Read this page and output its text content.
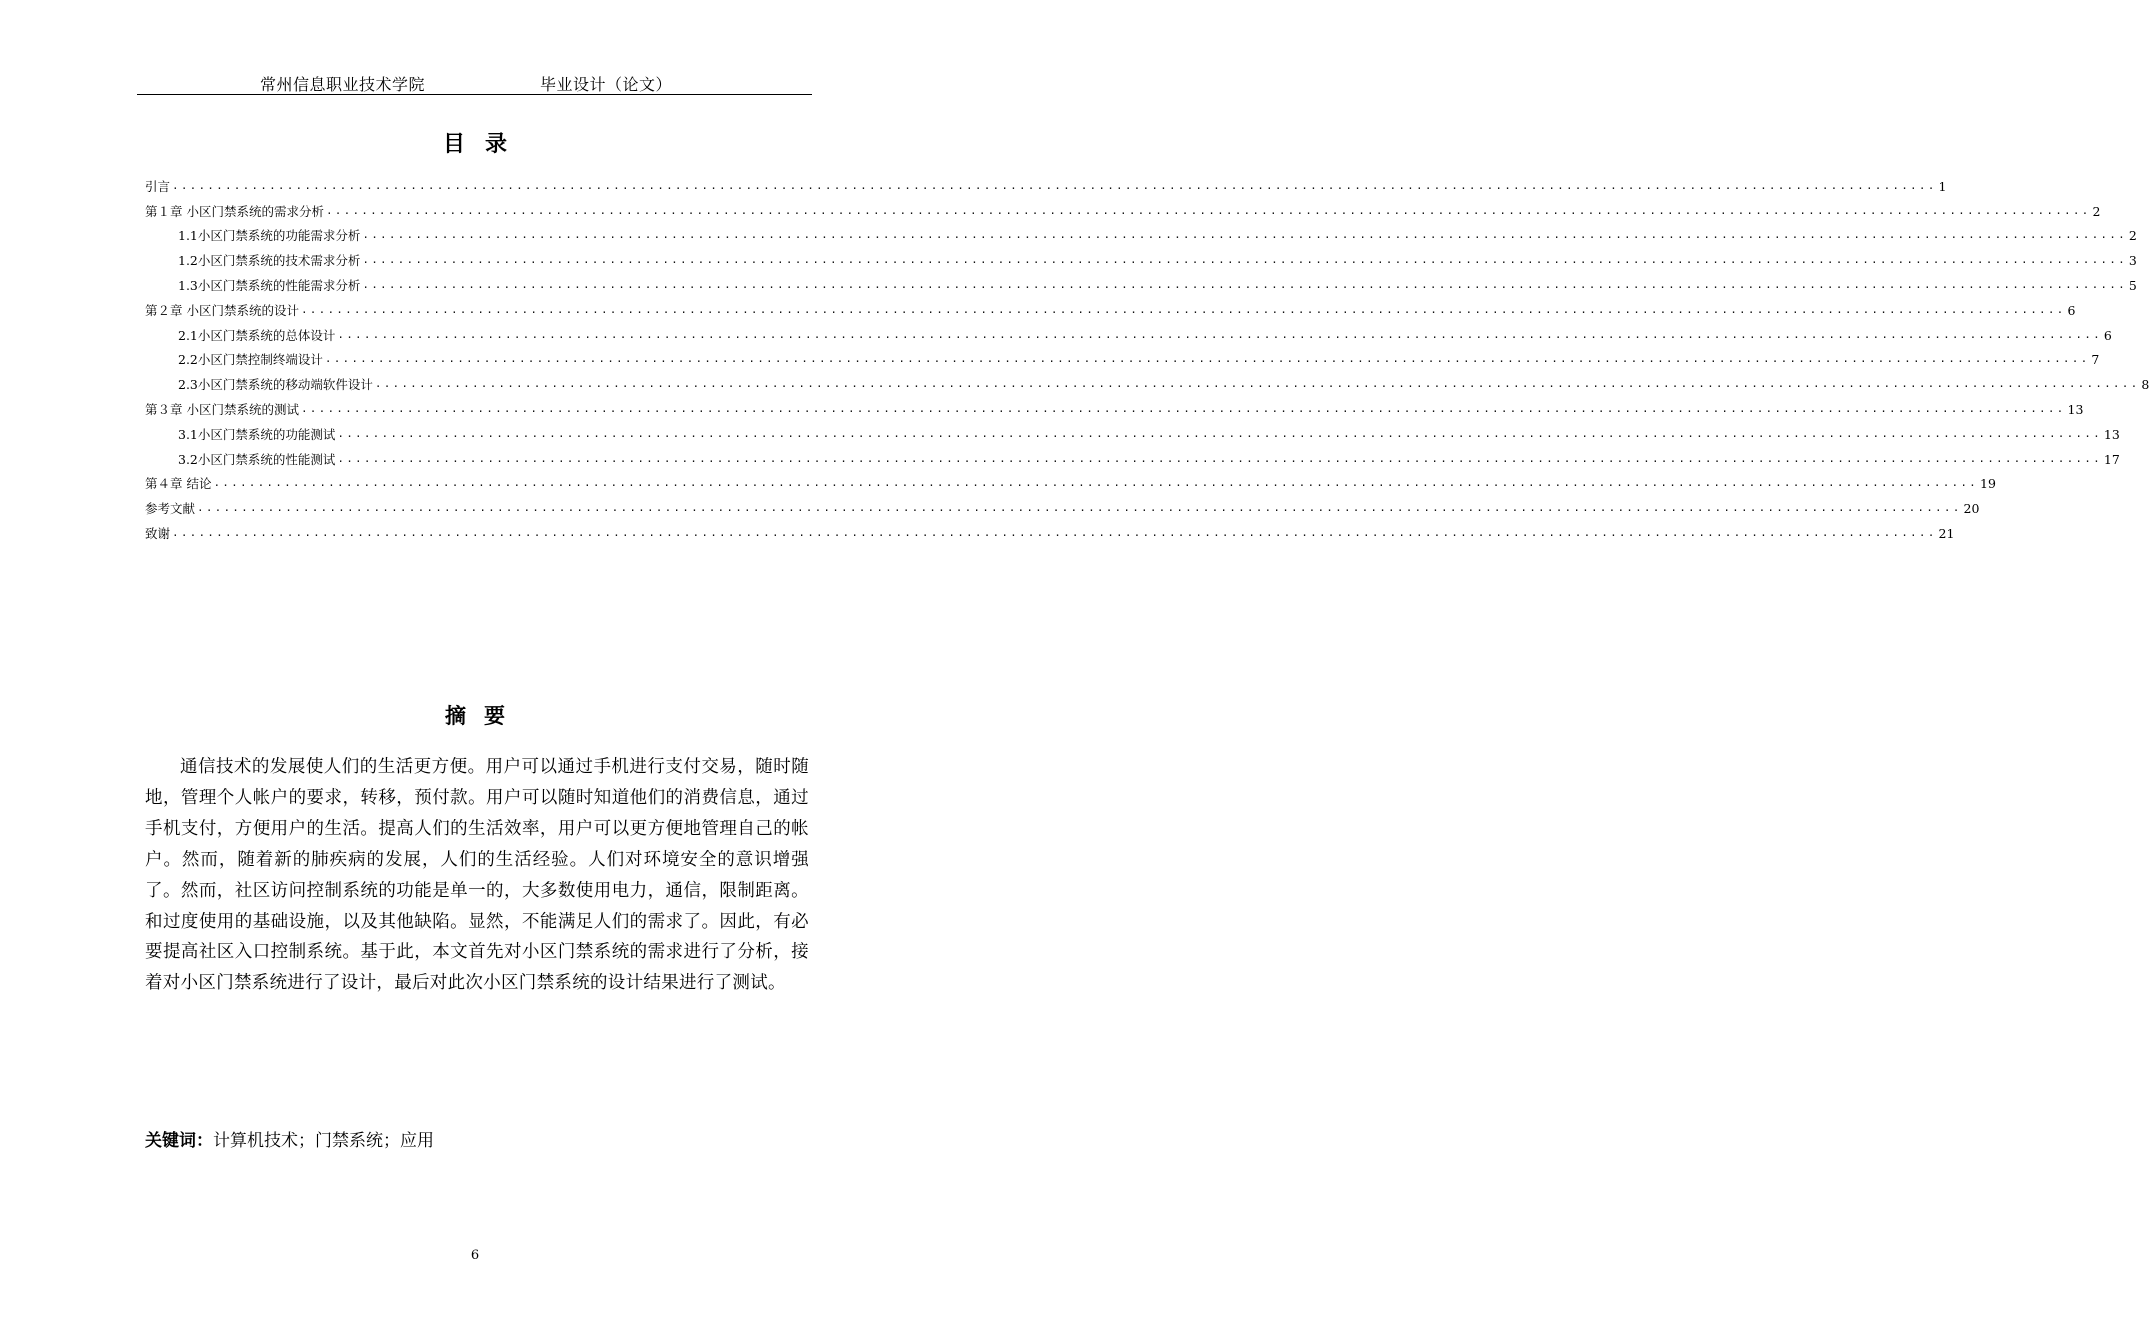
常州信息职业技术学院	毕业设计（论文）
目录
引言 ........................................................................................................................................................................................................ 1
第１章 小区门禁系统的需求分析 ........................................................................................................................................................................................................ 2
1.1小区门禁系统的功能需求分析 ........................................................................................................................................................................................................ 2
1.2小区门禁系统的技术需求分析 ........................................................................................................................................................................................................ 3
1.3小区门禁系统的性能需求分析 ........................................................................................................................................................................................................ 5
第２章 小区门禁系统的设计 ........................................................................................................................................................................................................ 6
2.1小区门禁系统的总体设计 ........................................................................................................................................................................................................ 6
2.2小区门禁控制终端设计 ........................................................................................................................................................................................................ 7
2.3小区门禁系统的移动端软件设计 ........................................................................................................................................................................................................ 8
第３章 小区门禁系统的测试 ........................................................................................................................................................................................................ 13
3.1小区门禁系统的功能测试 ........................................................................................................................................................................................................ 13
3.2小区门禁系统的性能测试 ........................................................................................................................................................................................................ 17
第４章 结论 ........................................................................................................................................................................................................ 19
参考文献 ........................................................................................................................................................................................................ 20
致谢 ........................................................................................................................................................................................................ 21
摘要

通信技术的发展使人们的生活更方便。用户可以通过手机进行支付交易，随时随地，管理个人帐户的要求，转移，预付款。用户可以随时知道他们的消费信息，通过手机支付，方便用户的生活。提高人们的生活效率，用户可以更方便地管理自己的帐户。然而，随着新的肺疾病的发展，人们的生活经验。人们对环境安全的意识增强了。然而，社区访问控制系统的功能是单一的，大多数使用电力，通信，限制距离。和过度使用的基础设施，以及其他缺陷。显然，不能满足人们的需求了。因此，有必要提高社区入口控制系统。基于此，本文首先对小区门禁系统的需求进行了分析，接着对小区门禁系统进行了设计，最后对此次小区门禁系统的设计结果进行了测试。

关键词：计算机技术；门禁系统；应用
6
